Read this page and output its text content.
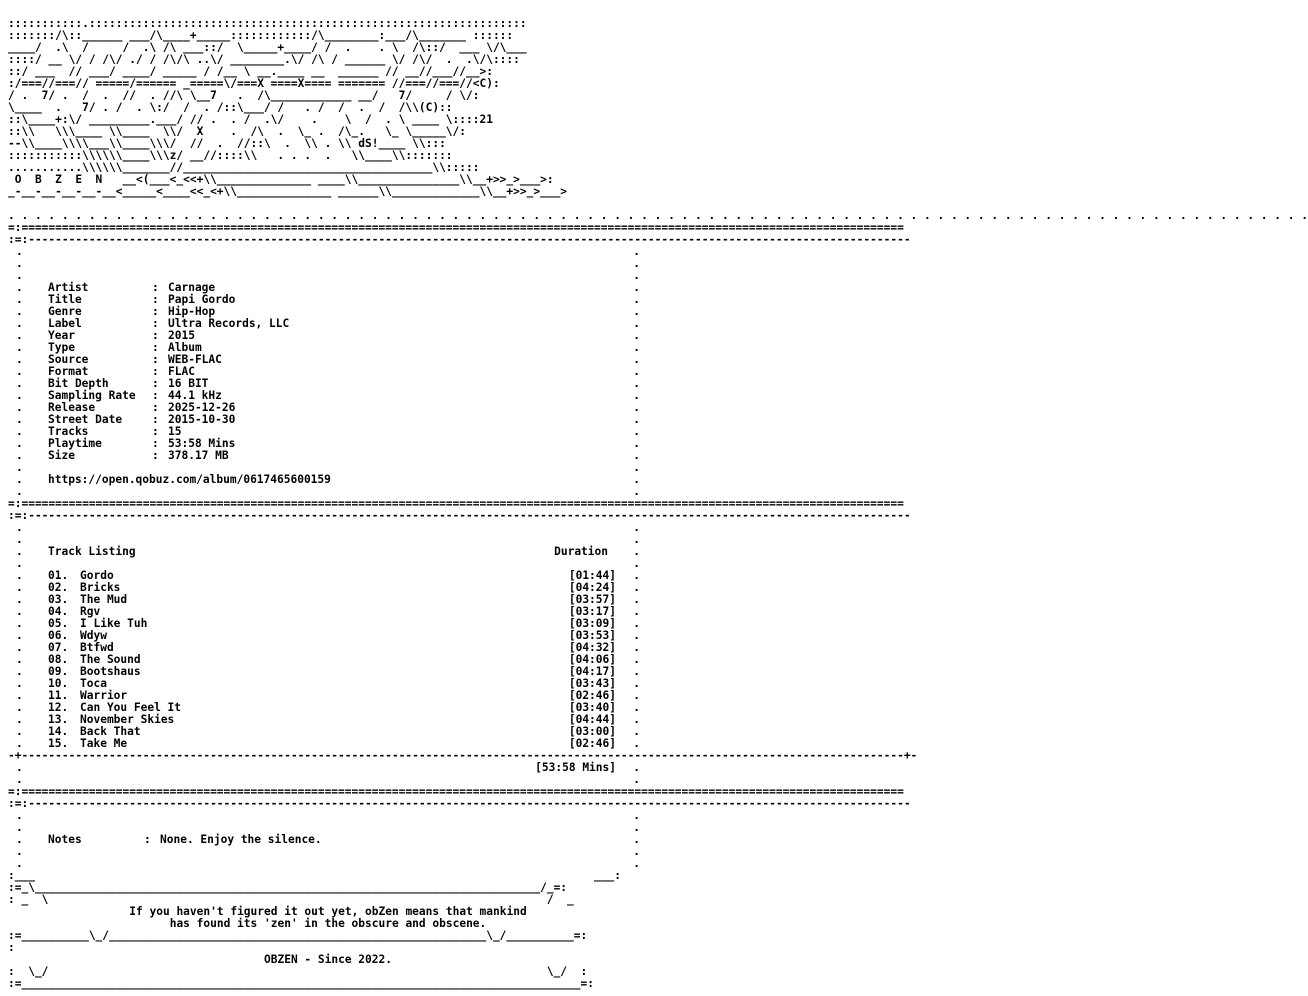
:::::::::::.:::::::::::::::::::::::::::::::::::::::::::::::::::::::::::::::::
:::::::/\::______ ___/\____+_____::::::::::::/\________:___/\_______ ::::::
____/  .\  /     /  .\ /\ ___::/  \_____+____/ /  .    . \  /\::/  ___ \/\___
::::/ __ \/ / /\/ ./ / /\/\ ..\/ ________.\/ /\ / ______ \/ /\/  .  .\/\::::
::/ ___  // ___/ ____/ _____ / /__ \ __.____ __  ______ // __//___//__>:
:/===//===// =====/====== _=====\/===X ====X==== ======= //===//===//<C):
/ .  7/ .  /  .  //  . //\ \__7   .  /\____________ __/   7/     / \/:
\____  .   7/ . /  . \:/  /  . /::\___/ /   . /  /  .  /  /\\(C)::
::\____+:\/ _________.___/ // .  . /  .\/    .    \  /  . \ ____ \::::21
::\\   \\\____ \\____  \\/  X    .  /\  .  \_ .  /\_.   \_ \_____\/:
--\\____\\\\___\\____\\\/  //  .  //::\  .  \\ . \\ dS!____ \\:::
:::::::::::\\\\\\____\\\z/ __//::::\\   . . .  .   \\____\\:::::::
...........\\\\\\_______//_____________________________________\\:::::
O  B  Z  E  N   __<(___<_<<+\\______________ ____\\_______________\\__+>>_>___>:
_-__-__-__-__-__<_____<____<<_<+\\______________ ______\\_____________\\__+>>_>___>
. . . . . . . . . . . . . . . . . . . . . . . . . . . . . . . . . . . . . . . . . . . . . . . . . . . . . . . . . . . . . . . . . . . . . . . . . . . . . . . . . . . . . . . . . . . . . . . . .
=:===================================================================================================================================
:=:-----------------------------------------------------------------------------------------------------------------------------------
.  .
.  .
.  .
. Artist	: Carnage	.
. Title	: Papi Gordo	.
. Genre	: Hip-Hop	.
. Label	: Ultra Records, LLC	.
. Year	: 2015	.
. Type	: Album	.
. Source	: WEB-FLAC	.
. Format	: FLAC	.
. Bit Depth	: 16 BIT	.
. Sampling Rate : 44.1 kHz	.
. Release	: 2025-12-26	.
. Street Date	: 2015-10-30	.
. Tracks	: 15	.
. Playtime	: 53:58 Mins	.
. Size	: 378.17 MB	.
.  .
. https://open.qobuz.com/album/0617465600159	.
.  .
=:===================================================================================================================================
:=:-----------------------------------------------------------------------------------------------------------------------------------
.  .
.  .
. Track Listing	Duration .
.  .
. 01. Gordo	[01:44] .
. 02. Bricks	[04:24] .
. 03. The Mud	[03:57] .
. 04. Rgv	[03:17] .
. 05. I Like Tuh	[03:09] .
. 06. Wdyw	[03:53] .
. 07. Btfwd	[04:32] .
. 08. The Sound	[04:06] .
. 09. Bootshaus	[04:17] .
. 10. Toca	[03:43] .
. 11. Warrior	[02:46] .
. 12. Can You Feel It	[03:40] .
. 13. November Skies	[04:44] .
. 14. Back That	[03:00] .
. 15. Take Me	[02:46] .
-+-----------------------------------------------------------------------------------------------------------------------------------+-
.	[53:58 Mins] .
.  .
=:===================================================================================================================================
:=:-----------------------------------------------------------------------------------------------------------------------------------
.  .
.  .
. Notes	: None. Enjoy the silence.	.
.  .
.  .
:___                                                                                   ___:
:=_\___________________________________________________________________________/_=:
: _  \                                                                          /  _
If you haven't figured it out yet, obZen means that mankind
has found its 'zen' in the obscure and obscene.
:=__________\_/________________________________________________________\_/__________=:
:
OBZEN - Since 2022.
:  \_/                                                                          \_/  :
:=___________________________________________________________________________________=:
